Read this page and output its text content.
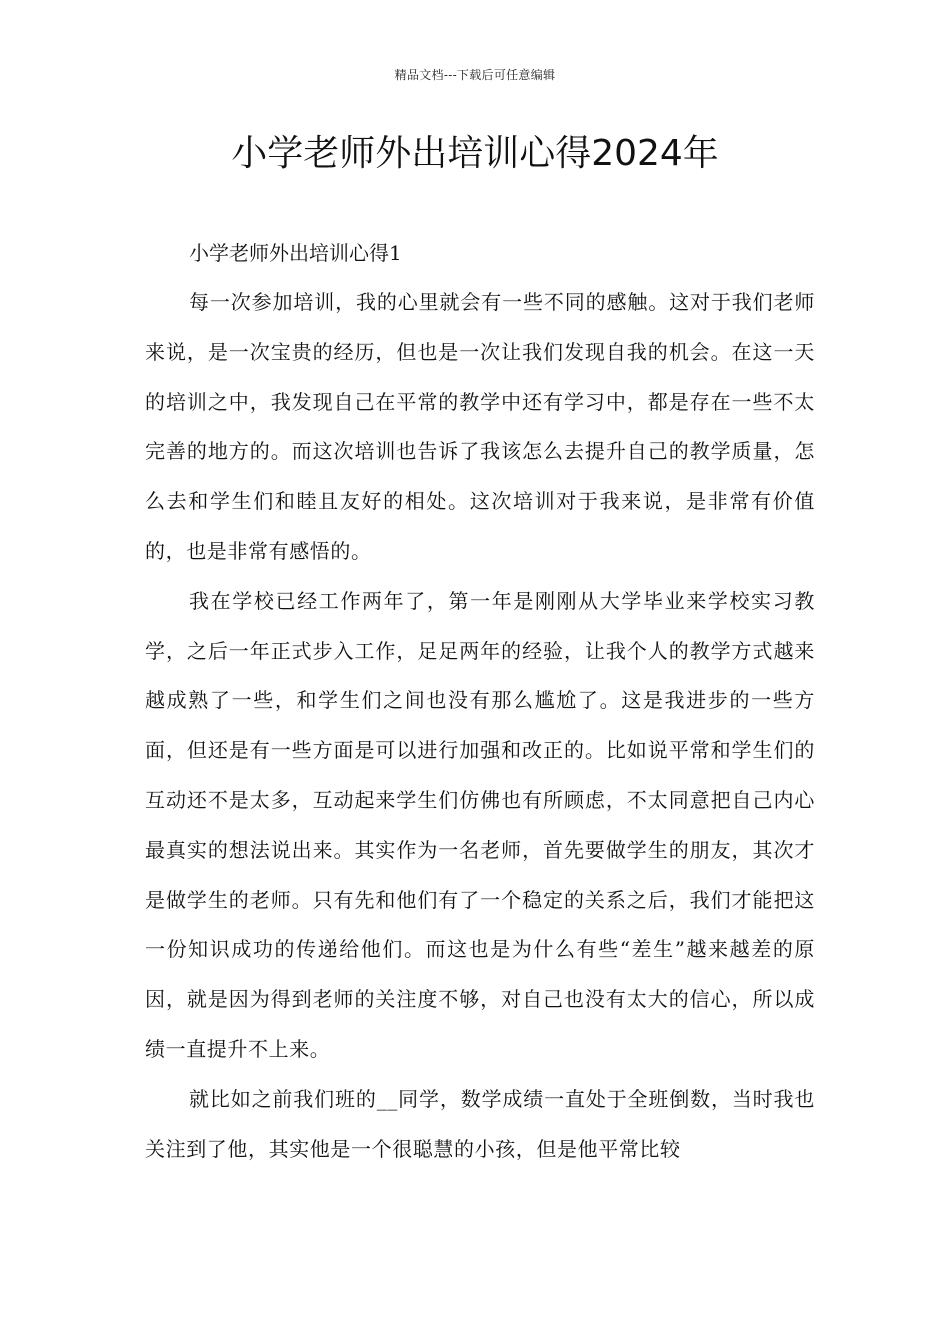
精品文档---下载后可任意编辑
小学老师外出培训心得2024年

小学老师外出培训心得1

每一次参加培训，我的心里就会有一些不同的感触。这对于我们老师来说，是一次宝贵的经历，但也是一次让我们发现自我的机会。在这一天的培训之中，我发现自己在平常的教学中还有学习中，都是存在一些不太完善的地方的。而这次培训也告诉了我该怎么去提升自己的教学质量，怎么去和学生们和睦且友好的相处。这次培训对于我来说，是非常有价值的，也是非常有感悟的。

我在学校已经工作两年了，第一年是刚刚从大学毕业来学校实习教学，之后一年正式步入工作，足足两年的经验，让我个人的教学方式越来越成熟了一些，和学生们之间也没有那么尴尬了。这是我进步的一些方面，但还是有一些方面是可以进行加强和改正的。比如说平常和学生们的互动还不是太多，互动起来学生们仿佛也有所顾虑，不太同意把自己内心最真实的想法说出来。其实作为一名老师，首先要做学生的朋友，其次才是做学生的老师。只有先和他们有了一个稳定的关系之后，我们才能把这一份知识成功的传递给他们。而这也是为什么有些“差生”越来越差的原因，就是因为得到老师的关注度不够，对自己也没有太大的信心，所以成绩一直提升不上来。

就比如之前我们班的__同学，数学成绩一直处于全班倒数，当时我也关注到了他，其实他是一个很聪慧的小孩，但是他平常比较
